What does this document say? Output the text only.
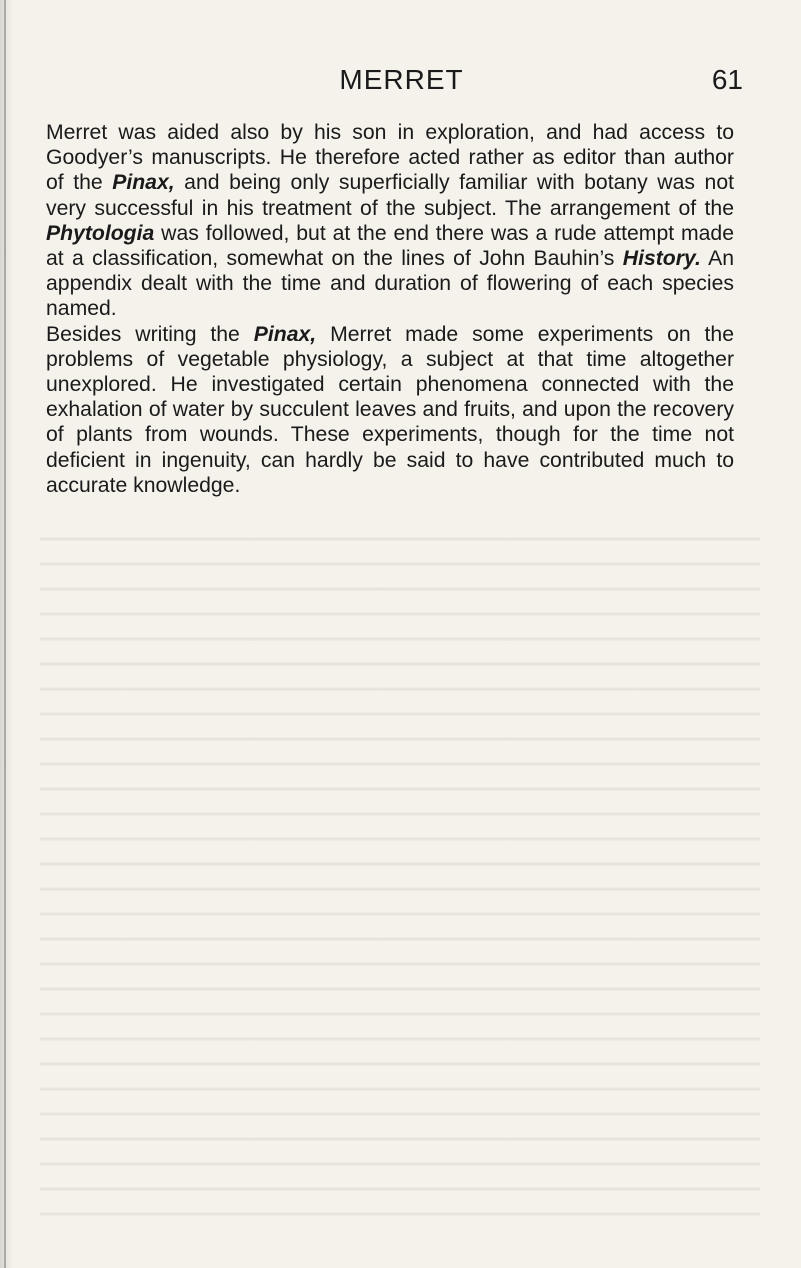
MERRET	61

Merret was aided also by his son in exploration, and had access to Goodyer’s manuscripts. He therefore acted rather as editor than author of the Pinax, and being only superficially familiar with botany was not very successful in his treatment of the subject. The arrangement of the Phytologia was followed, but at the end there was a rude attempt made at a classification, somewhat on the lines of John Bauhin’s History. An appendix dealt with the time and duration of flowering of each species named.

Besides writing the Pinax, Merret made some experiments on the problems of vegetable physiology, a subject at that time altogether unexplored. He investigated certain phenomena connected with the exhalation of water by succulent leaves and fruits, and upon the recovery of plants from wounds. These experiments, though for the time not deficient in ingenuity, can hardly be said to have contributed much to accurate knowledge.
